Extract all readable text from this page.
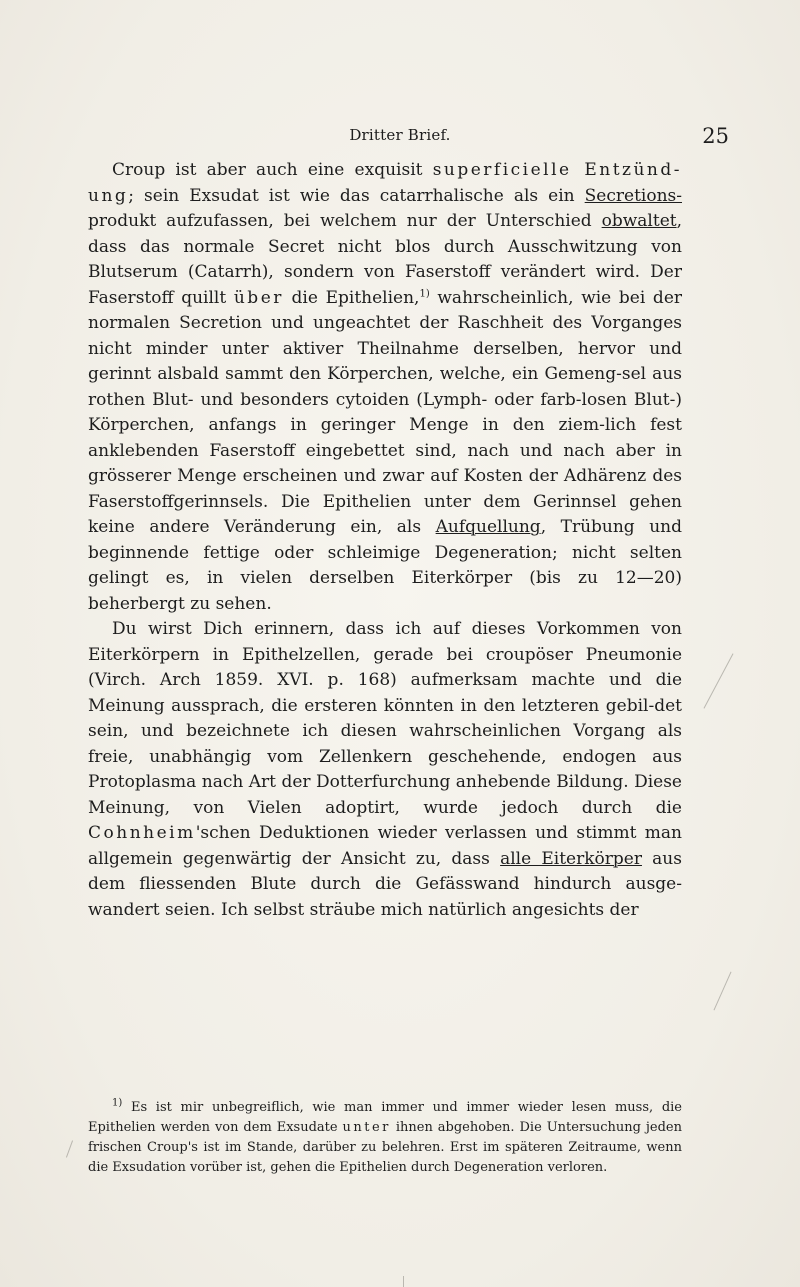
Dritter Brief.	25

Croup ist aber auch eine exquisit superficielle Entzünd-ung; sein Exsudat ist wie das catarrhalische als ein Secretions-produkt aufzufassen, bei welchem nur der Unterschied obwaltet, dass das normale Secret nicht blos durch Ausschwitzung von Blutserum (Catarrh), sondern von Faserstoff verändert wird. Der Faserstoff quillt über die Epithelien,$^{1)}$ wahrscheinlich, wie bei der normalen Secretion und ungeachtet der Raschheit des Vorganges nicht minder unter aktiver Theilnahme derselben, hervor und gerinnt alsbald sammt den Körperchen, welche, ein Gemeng-sel aus rothen Blut- und besonders cytoiden (Lymph- oder farb-losen Blut-) Körperchen, anfangs in geringer Menge in den ziem-lich fest anklebenden Faserstoff eingebettet sind, nach und nach aber in grösserer Menge erscheinen und zwar auf Kosten der Adhärenz des Faserstoffgerinnsels. Die Epithelien unter dem Gerinnsel gehen keine andere Veränderung ein, als Aufquellung, Trübung und beginnende fettige oder schleimige Degeneration; nicht selten gelingt es, in vielen derselben Eiterkörper (bis zu 12—20) beherbergt zu sehen.

Du wirst Dich erinnern, dass ich auf dieses Vorkommen von Eiterkörpern in Epithelzellen, gerade bei croupöser Pneumonie (Virch. Arch 1859. XVI. p. 168) aufmerksam machte und die Meinung aussprach, die ersteren könnten in den letzteren gebil-det sein, und bezeichnete ich diesen wahrscheinlichen Vorgang als freie, unabhängig vom Zellenkern geschehende, endogen aus Protoplasma nach Art der Dotterfurchung anhebende Bildung. Diese Meinung, von Vielen adoptirt, wurde jedoch durch die Cohnheim'schen Deduktionen wieder verlassen und stimmt man allgemein gegenwärtig der Ansicht zu, dass alle Eiterkörper aus dem fliessenden Blute durch die Gefässwand hindurch ausge-wandert seien. Ich selbst sträube mich natürlich angesichts der

$^{1)}$ Es ist mir unbegreiflich, wie man immer und immer wieder lesen muss, die Epithelien werden von dem Exsudate unter ihnen abgehoben. Die Untersuchung jeden frischen Croup's ist im Stande, darüber zu belehren. Erst im späteren Zeitraume, wenn die Exsudation vorüber ist, gehen die Epithelien durch Degeneration verloren.
